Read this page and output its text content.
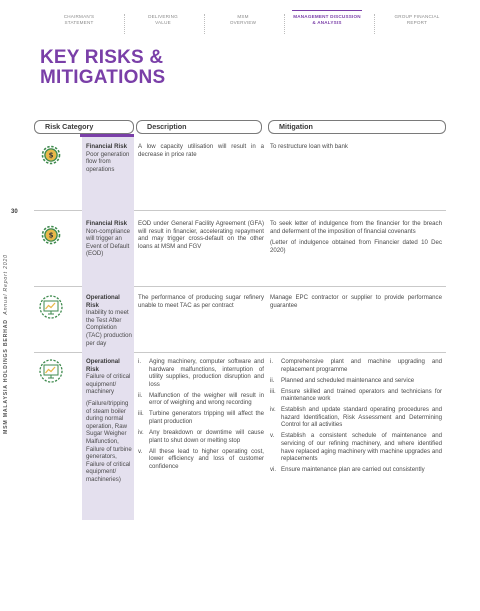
CHAIRMAN'S
STATEMENT
DELIVERING
VALUE
MSM
OVERVIEW
MANAGEMENT DISCUSSION
& ANALYSIS
GROUP FINANCIAL
REPORT
KEY RISKS &
MITIGATIONS
30
MSM MALAYSIA HOLDINGS BERHAD  Annual Report 2020
Risk Category	Description	Mitigation
$
Financial Risk
Poor generation flow from operations
A low capacity utilisation will result in a decrease in price rate
To restructure loan with bank
$
Financial Risk
Non-compliance will trigger an Event of Default (EOD)
EOD under General Facility Agreement (GFA) will result in financier, accelerating repayment and may trigger cross-default on the other loans at MSM and FGV

To seek letter of indulgence from the financier for the breach and deferment of the imposition of financial covenants

(Letter of indulgence obtained from Financier dated 10 Dec 2020)

Operational Risk
Inability to meet the Test After Completion (TAC) production per day
The performance of producing sugar refinery unable to meet TAC as per contract
Manage EPC contractor or supplier to provide performance guarantee
Operational Risk

Failure of critical equipment/ machinery

(Failure/tripping of steam boiler during normal operation, Raw Sugar Weigher Malfunction, Failure of turbine generators, Failure of critical equipment/ machineries)

i. Aging machinery, computer software and hardware malfunctions, interruption of utility supplies, production disruption and loss
ii. Malfunction of the weigher will result in error of weighing and wrong recording
iii. Turbine generators tripping will affect the plant production
iv. Any breakdown or downtime will cause plant to shut down or melting stop
v. All these lead to higher operating cost, lower efficiency and loss of customer confidence
i. Comprehensive plant and machine upgrading and replacement programme
ii. Planned and scheduled maintenance and service
iii. Ensure skilled and trained operators and technicians for maintenance work
iv. Establish and update standard operating procedures and hazard Identification, Risk Assessment and Determining Control for all activities
v. Establish a consistent schedule of maintenance and servicing of our refining machinery, and where identified have replaced aging machinery with machine upgrades and replacements
vi. Ensure maintenance plan are carried out consistently
